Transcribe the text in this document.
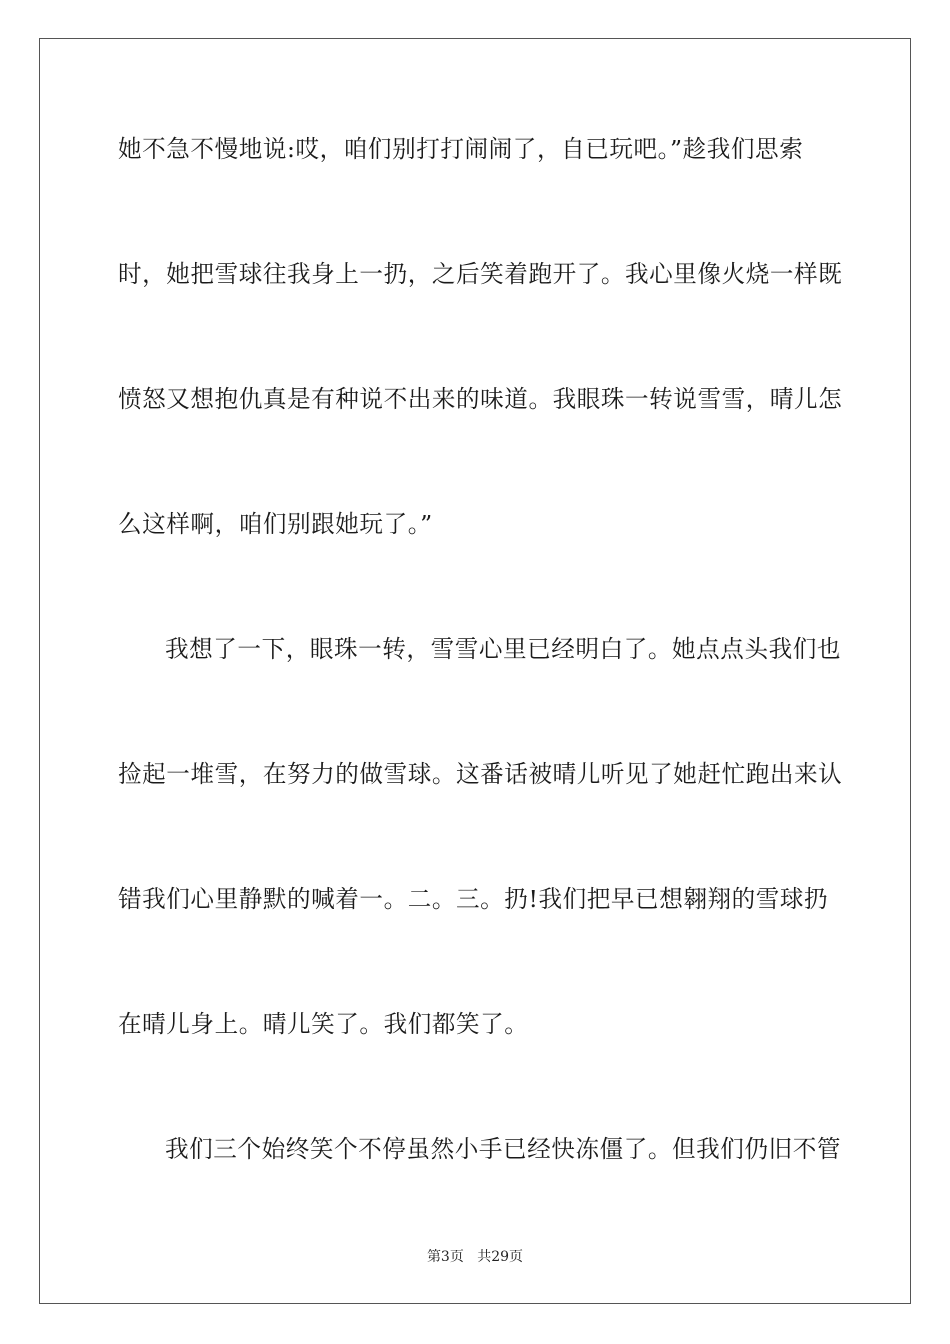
她不急不慢地说:哎，咱们别打打闹闹了，自已玩吧。”趁我们思索
时，她把雪球往我身上一扔，之后笑着跑开了。我心里像火烧一样既
愤怒又想抱仇真是有种说不出来的味道。我眼珠一转说雪雪，晴儿怎
么这样啊，咱们别跟她玩了。”
我想了一下，眼珠一转，雪雪心里已经明白了。她点点头我们也
捡起一堆雪，在努力的做雪球。这番话被晴儿听见了她赶忙跑出来认
错我们心里静默的喊着一。二。三。扔!我们把早已想翱翔的雪球扔
在晴儿身上。晴儿笑了。我们都笑了。
我们三个始终笑个不停虽然小手已经快冻僵了。但我们仍旧不管
第3页 共29页
